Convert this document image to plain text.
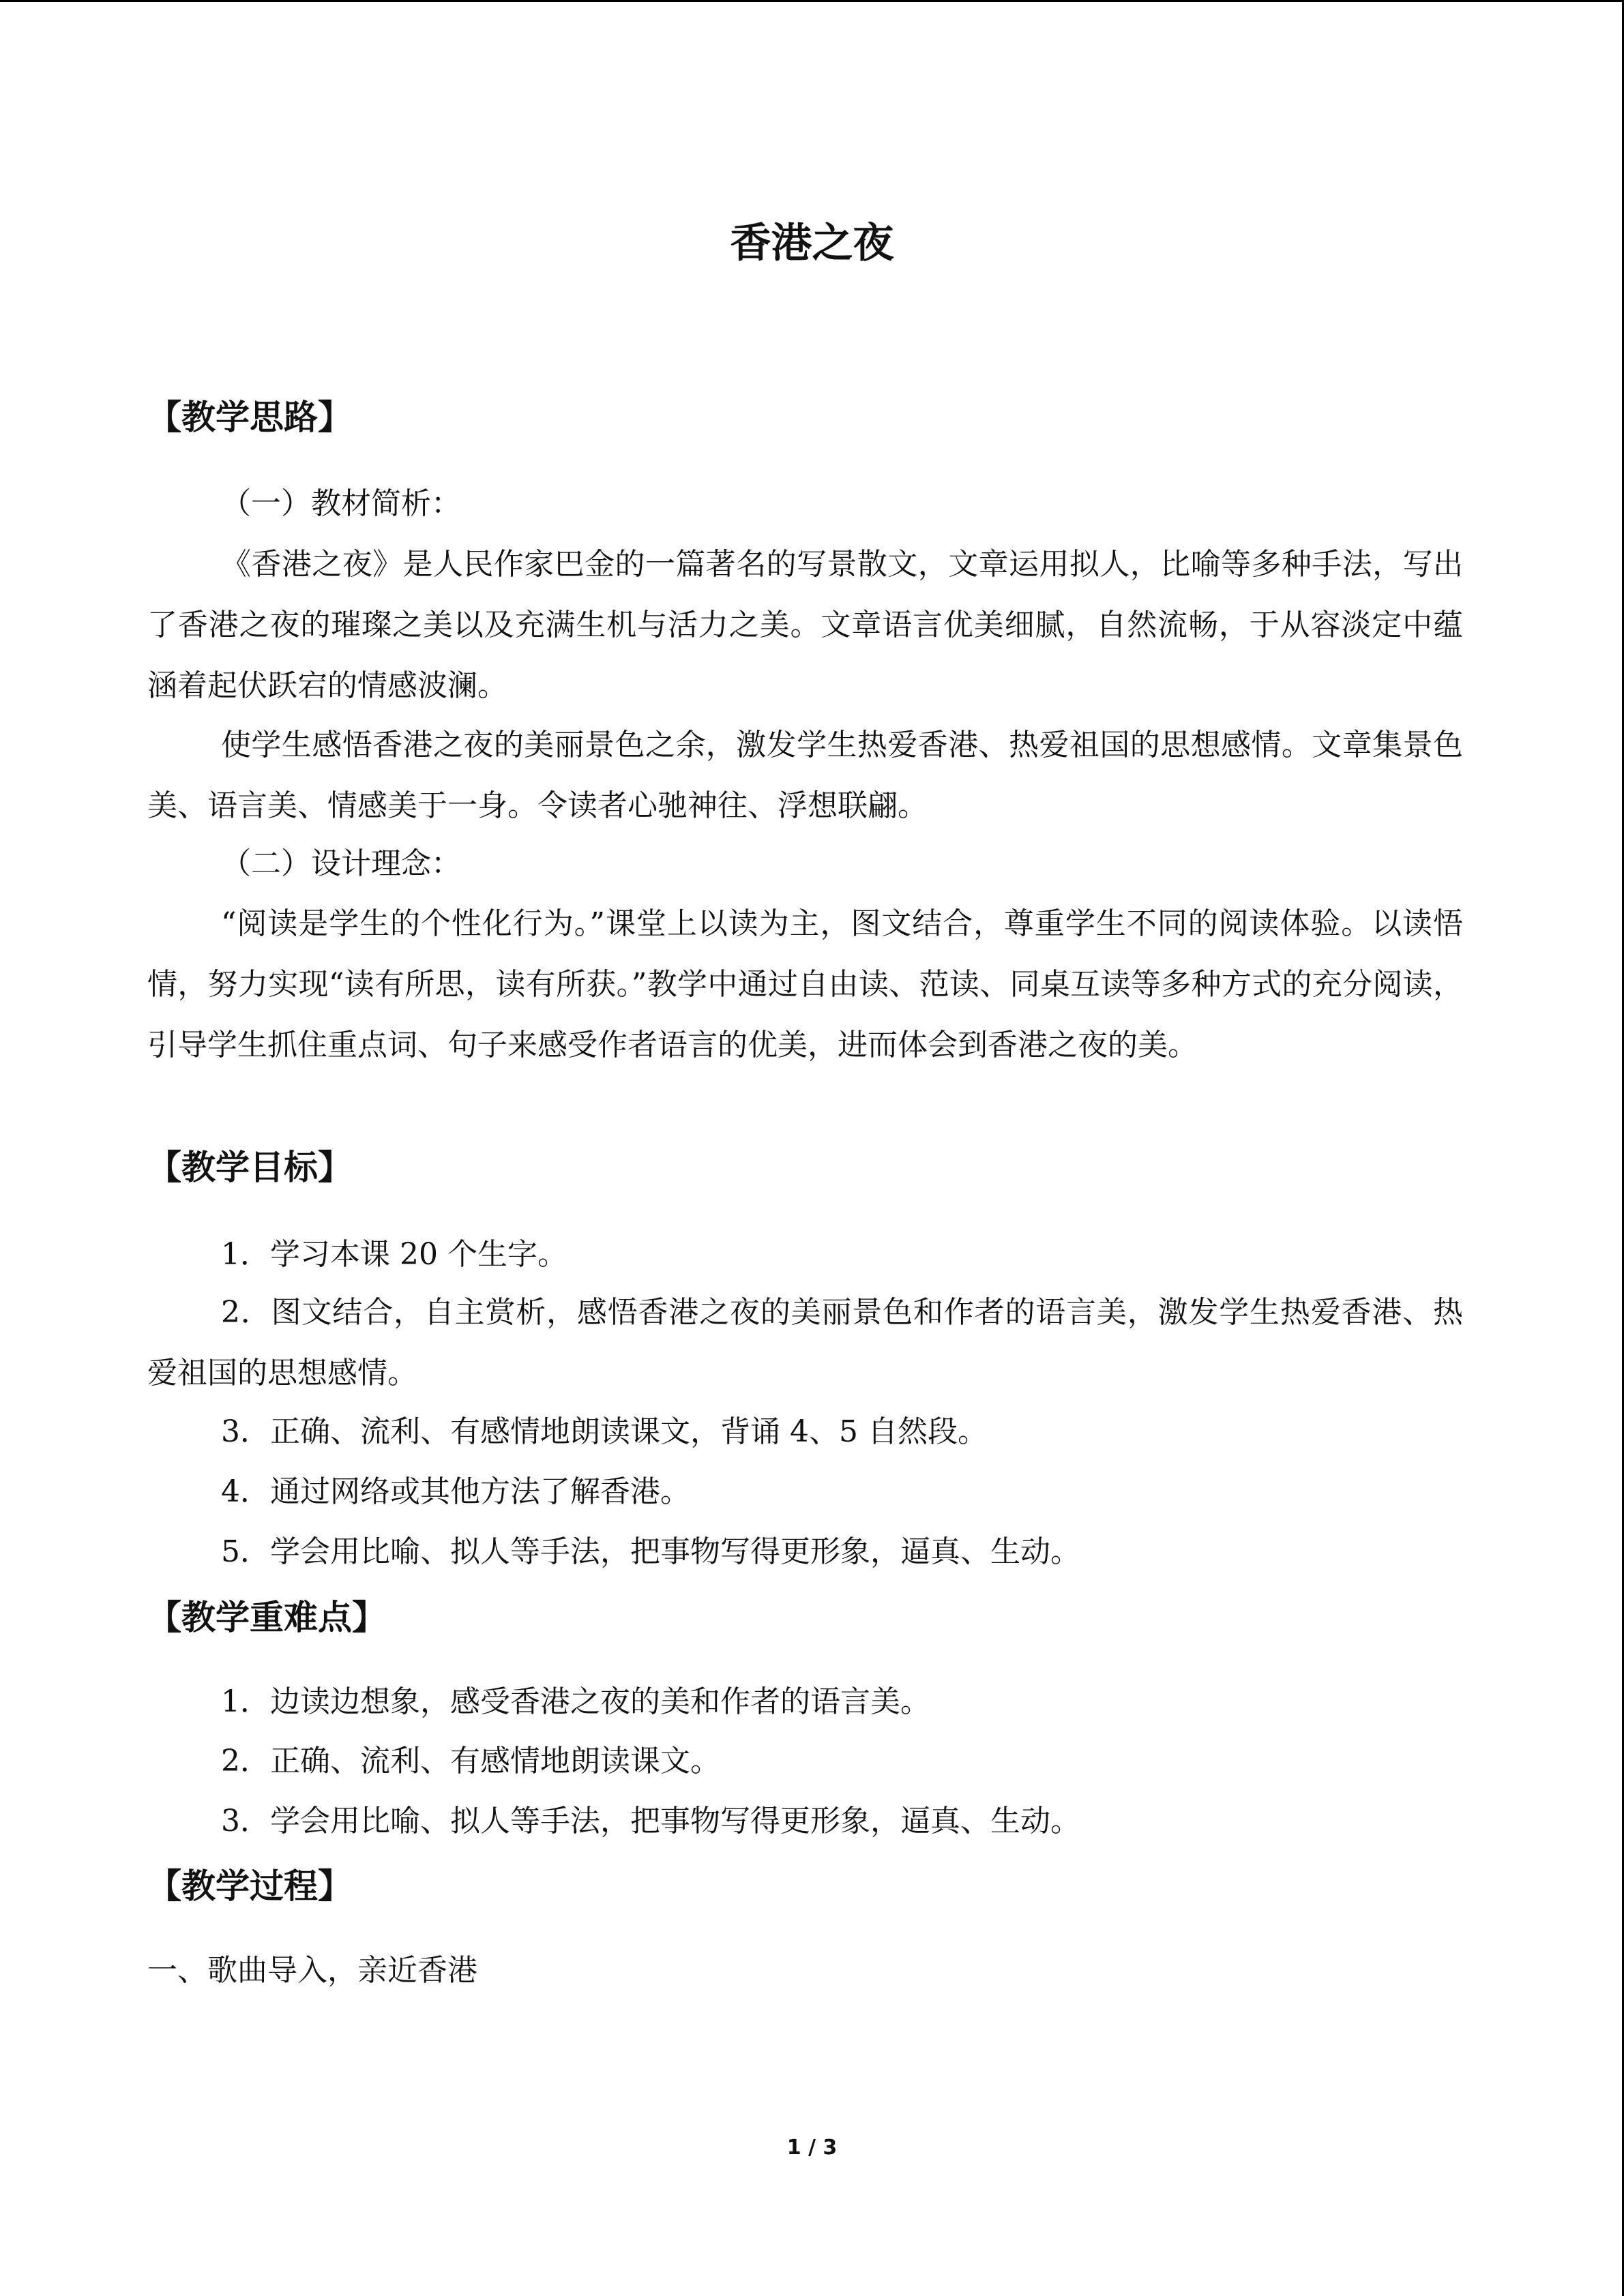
香港之夜
【教学思路】

（一）教材简析：

《香港之夜》是人民作家巴金的一篇著名的写景散文，文章运用拟人，比喻等多种手法，写出了香港之夜的璀璨之美以及充满生机与活力之美。文章语言优美细腻，自然流畅，于从容淡定中蕴涵着起伏跃宕的情感波澜。

使学生感悟香港之夜的美丽景色之余，激发学生热爱香港、热爱祖国的思想感情。文章集景色美、语言美、情感美于一身。令读者心驰神往、浮想联翩。

（二）设计理念：

“阅读是学生的个性化行为。”课堂上以读为主，图文结合，尊重学生不同的阅读体验。以读悟情，努力实现“读有所思，读有所获。”教学中通过自由读、范读、同桌互读等多种方式的充分阅读，引导学生抓住重点词、句子来感受作者语言的优美，进而体会到香港之夜的美。

【教学目标】

1．学习本课 20 个生字。

2．图文结合，自主赏析，感悟香港之夜的美丽景色和作者的语言美，激发学生热爱香港、热爱祖国的思想感情。

3．正确、流利、有感情地朗读课文，背诵 4、5 自然段。

4．通过网络或其他方法了解香港。

5．学会用比喻、拟人等手法，把事物写得更形象，逼真、生动。

【教学重难点】

1．边读边想象，感受香港之夜的美和作者的语言美。

2．正确、流利、有感情地朗读课文。

3．学会用比喻、拟人等手法，把事物写得更形象，逼真、生动。

【教学过程】

一、歌曲导入，亲近香港

1 / 3
